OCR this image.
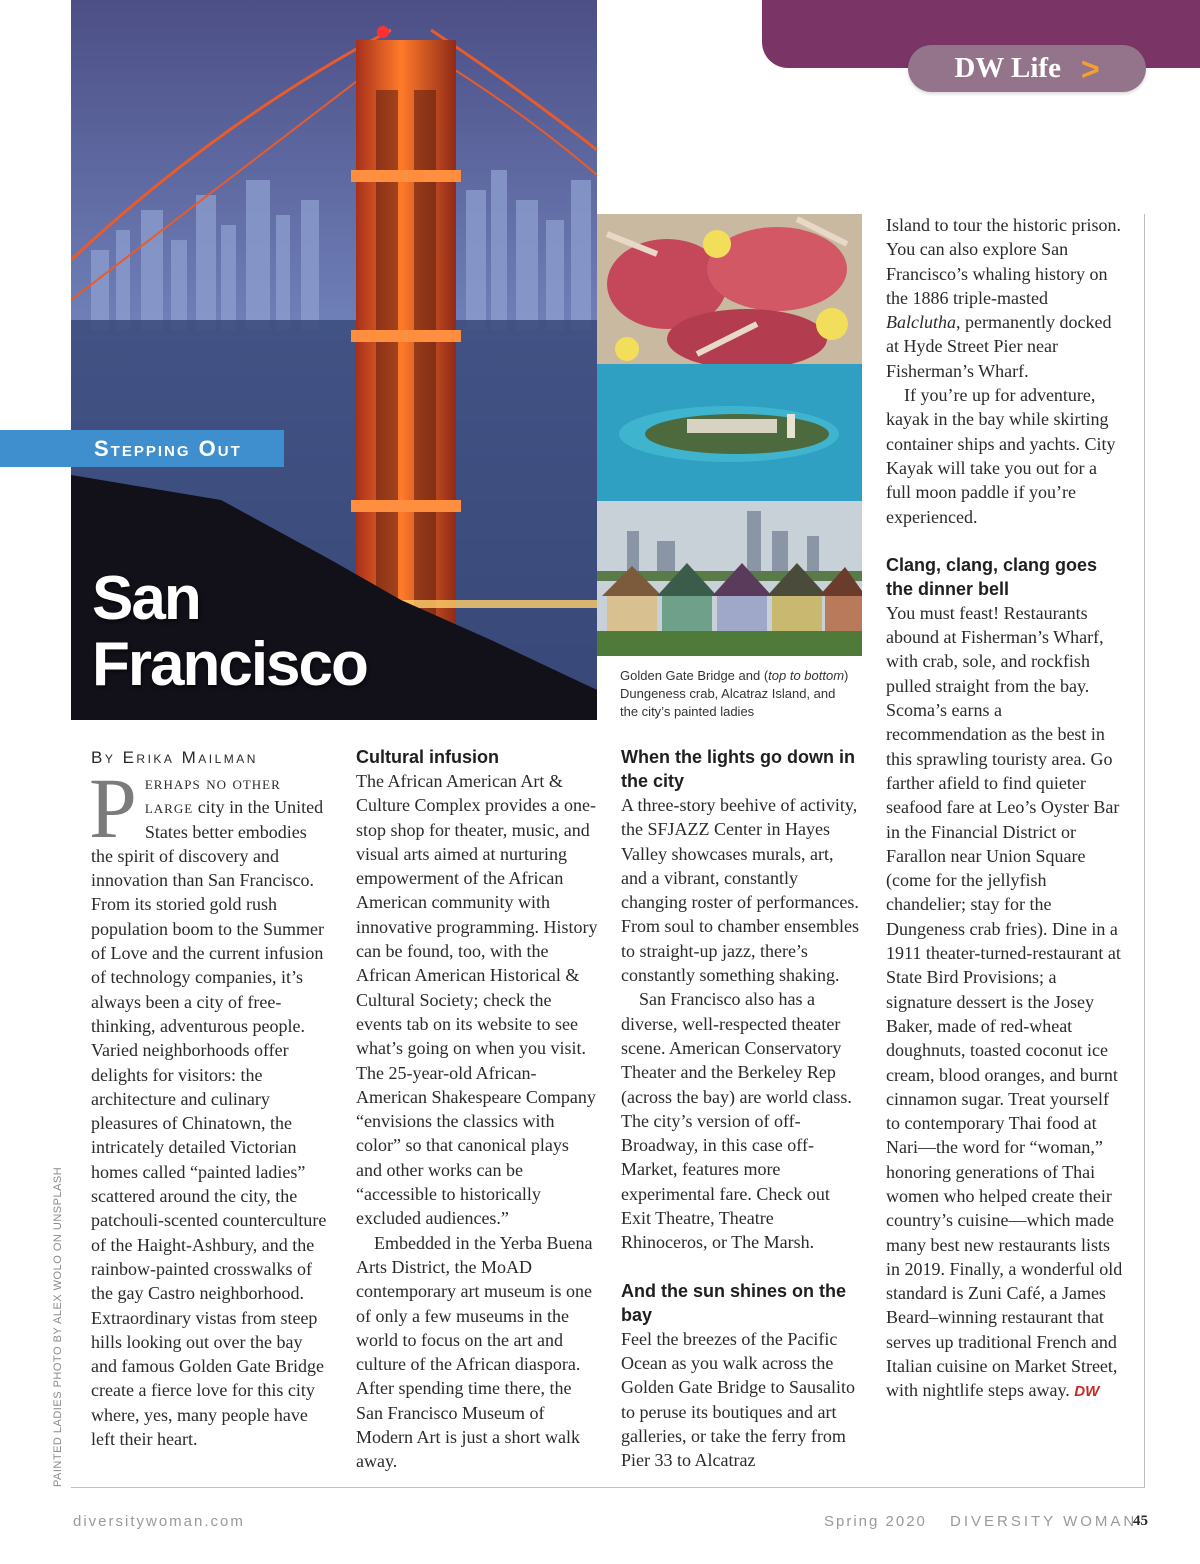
DW Life >
Stepping Out
San
Francisco	Golden Gate Bridge and (top to bottom) Dungeness crab, Alcatraz Island, and the city’s painted ladies

By Erika Mailman

Perhaps no other large city in the United States better embodies the spirit of discovery and innovation than San Francisco. From its storied gold rush population boom to the Summer of Love and the current infusion of technology companies, it’s always been a city of free-thinking, adventurous people. Varied neighborhoods offer delights for visitors: the architecture and culinary pleasures of Chinatown, the intricately detailed Victorian homes called “painted ladies” scattered around the city, the patchouli-scented counterculture of the Haight-Ashbury, and the rainbow-painted crosswalks of the gay Castro neighborhood. Extraordinary vistas from steep hills looking out over the bay and famous Golden Gate Bridge create a fierce love for this city where, yes, many people have left their heart.

Cultural infusion

The African American Art & Culture Complex provides a one-stop shop for theater, music, and visual arts aimed at nurturing empowerment of the African American community with innovative programming. History can be found, too, with the African American Historical & Cultural Society; check the events tab on its website to see what’s going on when you visit. The 25-year-old African-American Shakespeare Company “envisions the classics with color” so that canonical plays and other works can be “accessible to historically excluded audiences.”

Embedded in the Yerba Buena Arts District, the MoAD contemporary art museum is one of only a few museums in the world to focus on the art and culture of the African diaspora. After spending time there, the San Francisco Museum of Modern Art is just a short walk away.

When the lights go down in the city

A three-story beehive of activity, the SFJAZZ Center in Hayes Valley showcases murals, art, and a vibrant, constantly changing roster of performances. From soul to chamber ensembles to straight-up jazz, there’s constantly something shaking.

San Francisco also has a diverse, well-respected theater scene. American Conservatory Theater and the Berkeley Rep (across the bay) are world class. The city’s version of off-Broadway, in this case off-Market, features more experimental fare. Check out Exit Theatre, Theatre Rhinoceros, or The Marsh.

And the sun shines on the bay

Feel the breezes of the Pacific Ocean as you walk across the Golden Gate Bridge to Sausalito to peruse its boutiques and art galleries, or take the ferry from Pier 33 to Alcatraz

Island to tour the historic prison. You can also explore San Francisco’s whaling history on the 1886 triple-masted Balclutha, permanently docked at Hyde Street Pier near Fisherman’s Wharf.

If you’re up for adventure, kayak in the bay while skirting container ships and yachts. City Kayak will take you out for a full moon paddle if you’re experienced.

Clang, clang, clang goes the dinner bell

You must feast! Restaurants abound at Fisherman’s Wharf, with crab, sole, and rockfish pulled straight from the bay. Scoma’s earns a recommendation as the best in this sprawling touristy area. Go farther afield to find quieter seafood fare at Leo’s Oyster Bar in the Financial District or Farallon near Union Square (come for the jellyfish chandelier; stay for the Dungeness crab fries). Dine in a 1911 theater-turned-restaurant at State Bird Provisions; a signature dessert is the Josey Baker, made of red-wheat doughnuts, toasted coconut ice cream, blood oranges, and burnt cinnamon sugar. Treat yourself to contemporary Thai food at Nari—the word for “woman,” honoring generations of Thai women who helped create their country’s cuisine—which made many best new restaurants lists in 2019. Finally, a wonderful old standard is Zuni Café, a James Beard–winning restaurant that serves up traditional French and Italian cuisine on Market Street, with nightlife steps away. DW

PAINTED LADIES PHOTO BY ALEX WOLO ON UNSPLASH
diversitywoman.com	Spring 2020 DIVERSITY WOMAN
45
